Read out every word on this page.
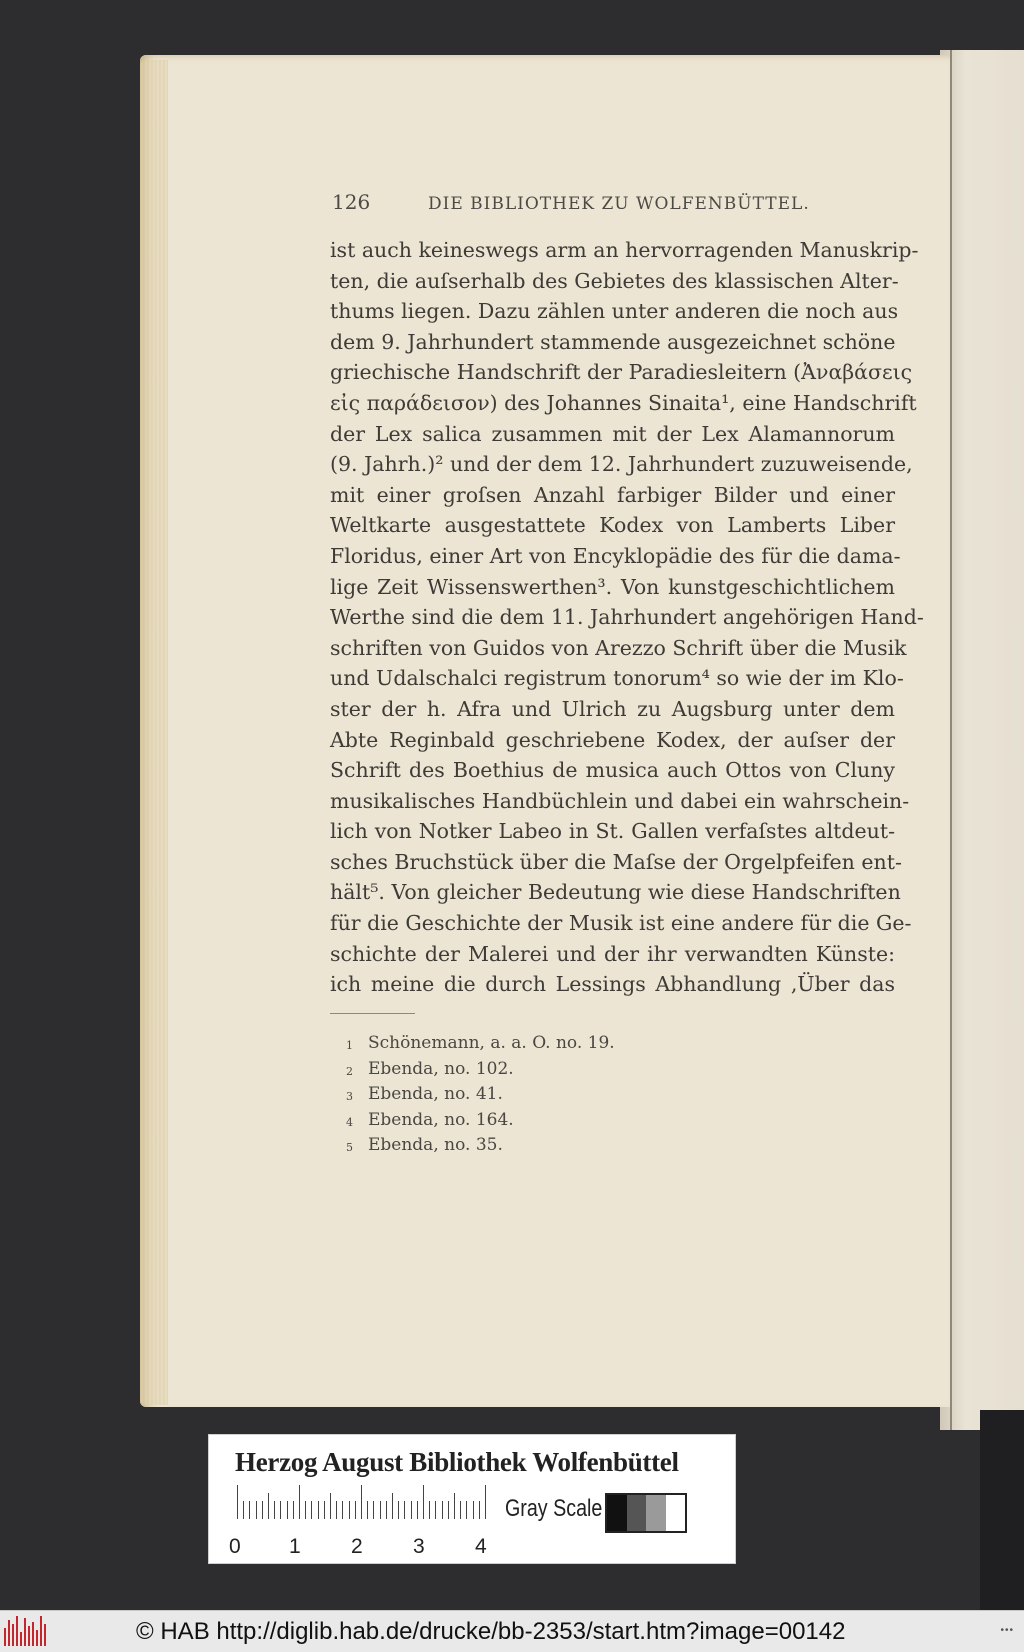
126	DIE BIBLIOTHEK ZU WOLFENBÜTTEL.
ist auch keineswegs arm an hervorragenden Manuskrip-
ten, die auſserhalb des Gebietes des klassischen Alter-
thums liegen. Dazu zählen unter anderen die noch aus
dem 9. Jahrhundert stammende ausgezeichnet schöne
griechische Handschrift der Paradiesleitern (Ἀναβάσεις
εἰς παράδεισον) des Johannes Sinaita¹, eine Handschrift
der Lex salica zusammen mit der Lex Alamannorum
(9. Jahrh.)² und der dem 12. Jahrhundert zuzuweisende,
mit einer groſsen Anzahl farbiger Bilder und einer
Weltkarte ausgestattete Kodex von Lamberts Liber
Floridus, einer Art von Encyklopädie des für die dama-
lige Zeit Wissenswerthen³. Von kunstgeschichtlichem
Werthe sind die dem 11. Jahrhundert angehörigen Hand-
schriften von Guidos von Arezzo Schrift über die Musik
und Udalschalci registrum tonorum⁴ so wie der im Klo-
ster der h. Afra und Ulrich zu Augsburg unter dem
Abte Reginbald geschriebene Kodex, der auſser der
Schrift des Boethius de musica auch Ottos von Cluny
musikalisches Handbüchlein und dabei ein wahrschein-
lich von Notker Labeo in St. Gallen verfaſstes altdeut-
sches Bruchstück über die Maſse der Orgelpfeifen ent-
hält⁵. Von gleicher Bedeutung wie diese Handschriften
für die Geschichte der Musik ist eine andere für die Ge-
schichte der Malerei und der ihr verwandten Künste:
ich meine die durch Lessings Abhandlung ‚Über das
1 Schönemann, a. a. O. no. 19.
2 Ebenda, no. 102.
3 Ebenda, no. 41.
4 Ebenda, no. 164.
5 Ebenda, no. 35.
Herzog August Bibliothek Wolfenbüttel
0 1 2 3 4
Gray Scale
© HAB http://diglib.hab.de/drucke/bb-2353/start.htm?image=00142	•••
